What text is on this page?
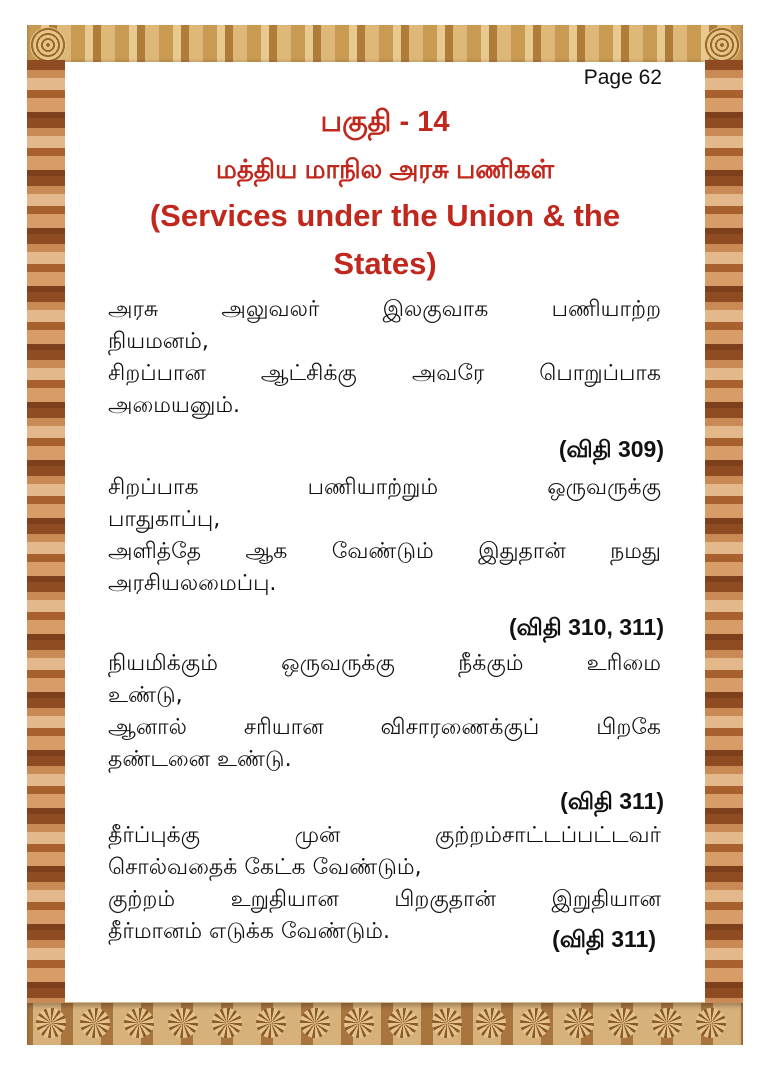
Page 62
பகுதி - 14
மத்திய மாநில அரசு பணிகள்
(Services under the Union & the
States)
அரசு அலுவலர் இலகுவாக பணியாற்ற
நியமனம்,
சிறப்பான ஆட்சிக்கு அவரே பொறுப்பாக
அமையனும்.
(விதி 309)
சிறப்பாக பணியாற்றும் ஒருவருக்கு
பாதுகாப்பு,
அளித்தே ஆக வேண்டும் இதுதான் நமது
அரசியலமைப்பு.
(விதி 310, 311)
நியமிக்கும் ஒருவருக்கு நீக்கும் உரிமை
உண்டு,
ஆனால் சரியான விசாரணைக்குப் பிறகே
தண்டனை உண்டு.
(விதி 311)
தீர்ப்புக்கு முன் குற்றம்சாட்டப்பட்டவர்
சொல்வதைக் கேட்க வேண்டும்,
குற்றம் உறுதியான பிறகுதான் இறுதியான
தீர்மானம் எடுக்க வேண்டும்.	(விதி 311)
